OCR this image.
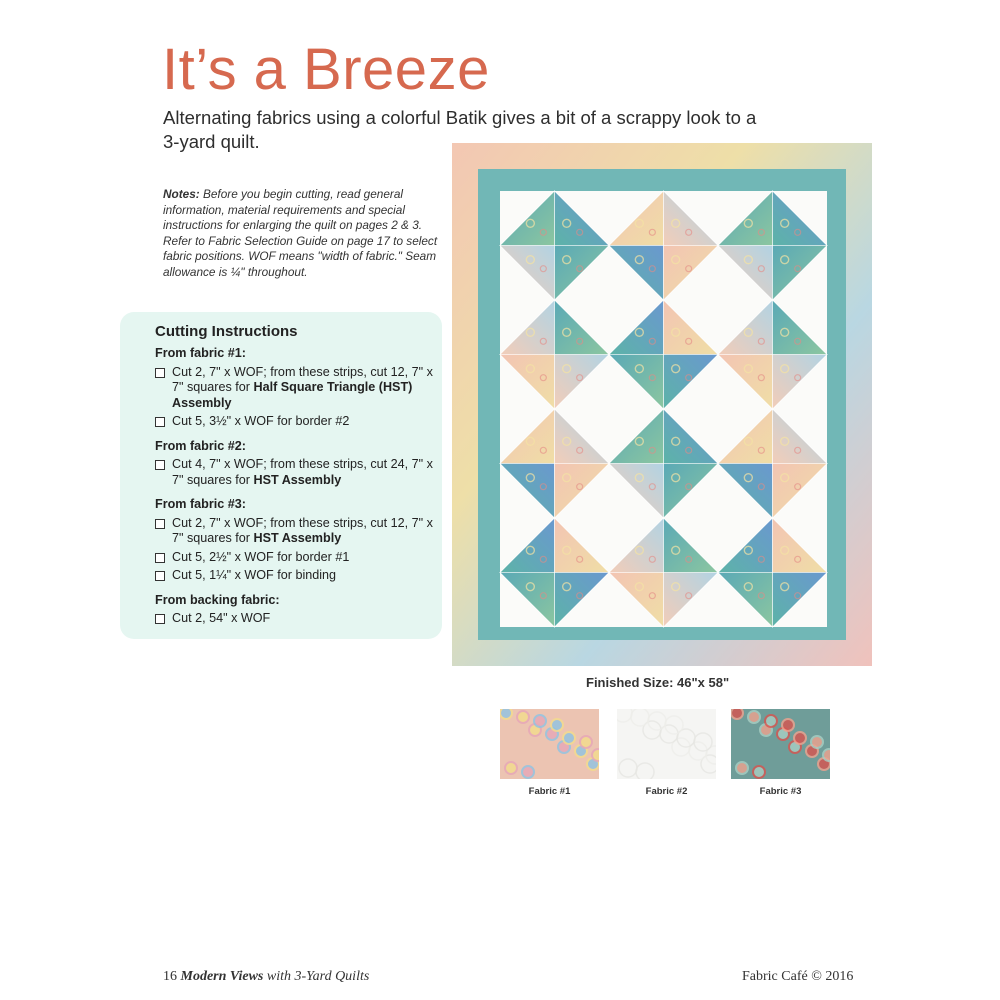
It’s a Breeze

Alternating fabrics using a colorful Batik gives a bit of a scrappy look to a 3-yard quilt.

Notes: Before you begin cutting, read general information, material requirements and special instructions for enlarging the quilt on pages 2 & 3. Refer to Fabric Selection Guide on page 17 to select fabric positions. WOF means "width of fabric." Seam allowance is ¼" throughout.

Cutting Instructions

From fabric #1:

Cut 2, 7" x WOF; from these strips, cut 12, 7" x 7" squares for Half Square Triangle (HST) Assembly
Cut 5, 3½" x WOF for border #2

From fabric #2:

Cut 4, 7" x WOF; from these strips, cut 24, 7" x 7" squares for HST Assembly

From fabric #3:

Cut 2, 7" x WOF; from these strips, cut 12, 7" x 7" squares for HST Assembly
Cut 5, 2½" x WOF for border #1
Cut 5, 1¼" x WOF for binding

From backing fabric:

Cut 2, 54" x WOF

Finished Size: 46"x 58"

Fabric #1	Fabric #2	Fabric #3
16 Modern Views with 3-Yard Quilts	Fabric Café © 2016
